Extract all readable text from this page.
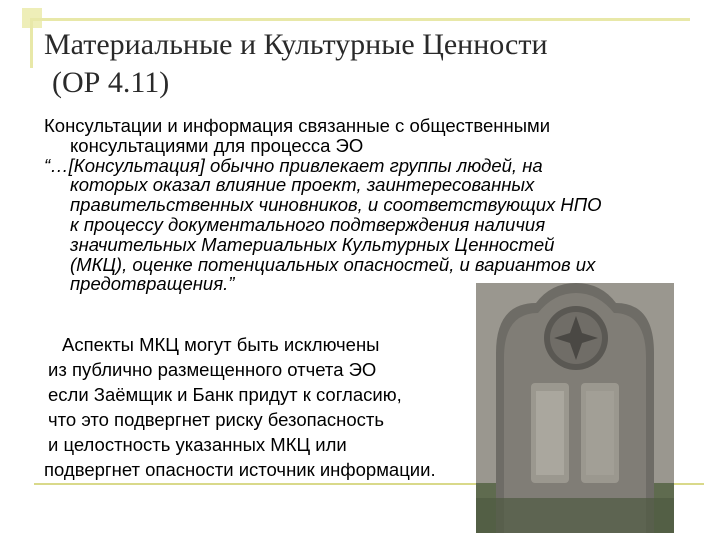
Материальные и Культурные Ценности
(ОР 4.11)
Консультации и информация связанные с общественными
консультациями для процесса ЭО
“…[Консультация] обычно привлекает группы людей, на
которых оказал влияние проект, заинтересованных
правительственных чиновников, и соответствующих НПО
к процессу документального подтверждения наличия
значительных Материальных Культурных Ценностей
(МКЦ), оценке потенциальных опасностей, и вариантов их
предотвращения.”
Аспекты МКЦ могут быть исключены
из публично размещенного отчета ЭО
если Заёмщик и Банк придут к согласию,
что это подвергнет риску безопасность
и целостность указанных МКЦ или
подвергнет опасности источник информации.
